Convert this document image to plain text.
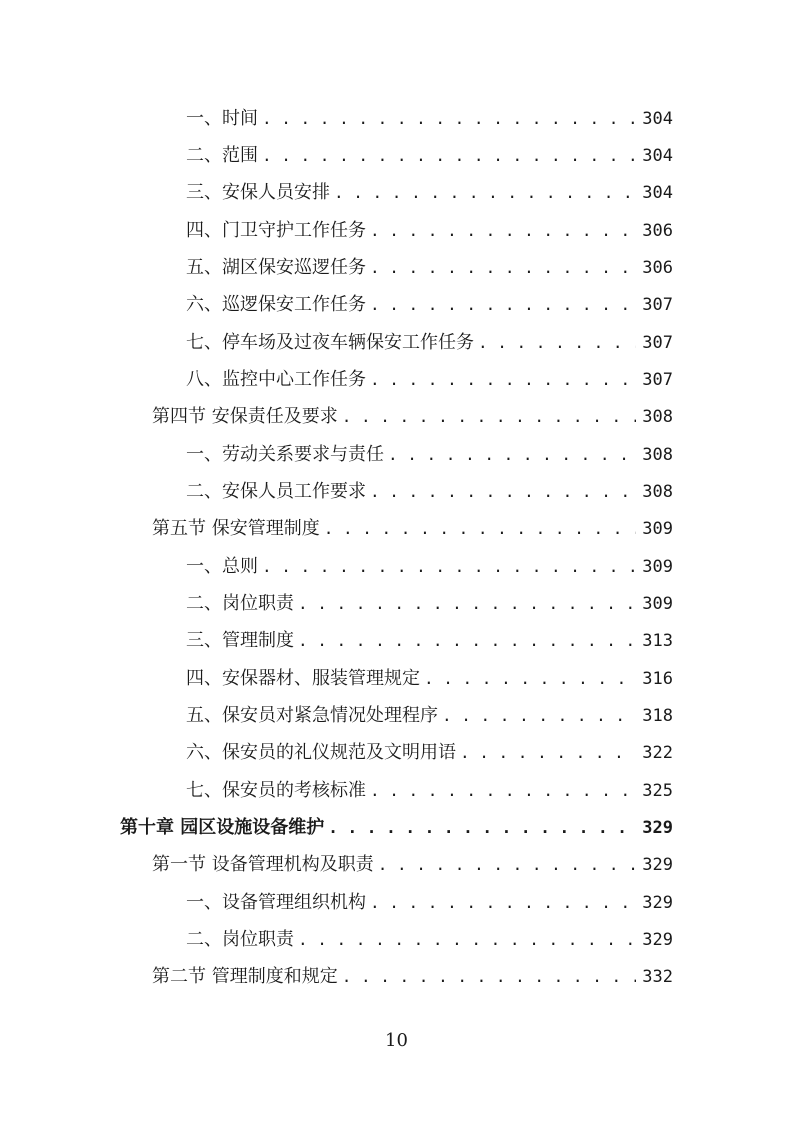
一、时间 . . .	304
二、范围 . . .	304
三、安保人员安排 . . .	304
四、门卫守护工作任务 . . .	306
五、湖区保安巡逻任务 . . .	306
六、巡逻保安工作任务 . . .	307
七、停车场及过夜车辆保安工作任务 . . .	307
八、监控中心工作任务 . . .	307
第四节 安保责任及要求 . . .	308
一、劳动关系要求与责任 . . .	308
二、安保人员工作要求 . . .	308
第五节 保安管理制度 . . .	309
一、总则 . . .	309
二、岗位职责 . . .	309
三、管理制度 . . .	313
四、安保器材、服装管理规定 . . .	316
五、保安员对紧急情况处理程序 . . .	318
六、保安员的礼仪规范及文明用语 . . .	322
七、保安员的考核标准 . . .	325
第十章 园区设施设备维护 . . .	329
第一节 设备管理机构及职责 . . .	329
一、设备管理组织机构 . . .	329
二、岗位职责 . . .	329
第二节 管理制度和规定 . . .	332
10
